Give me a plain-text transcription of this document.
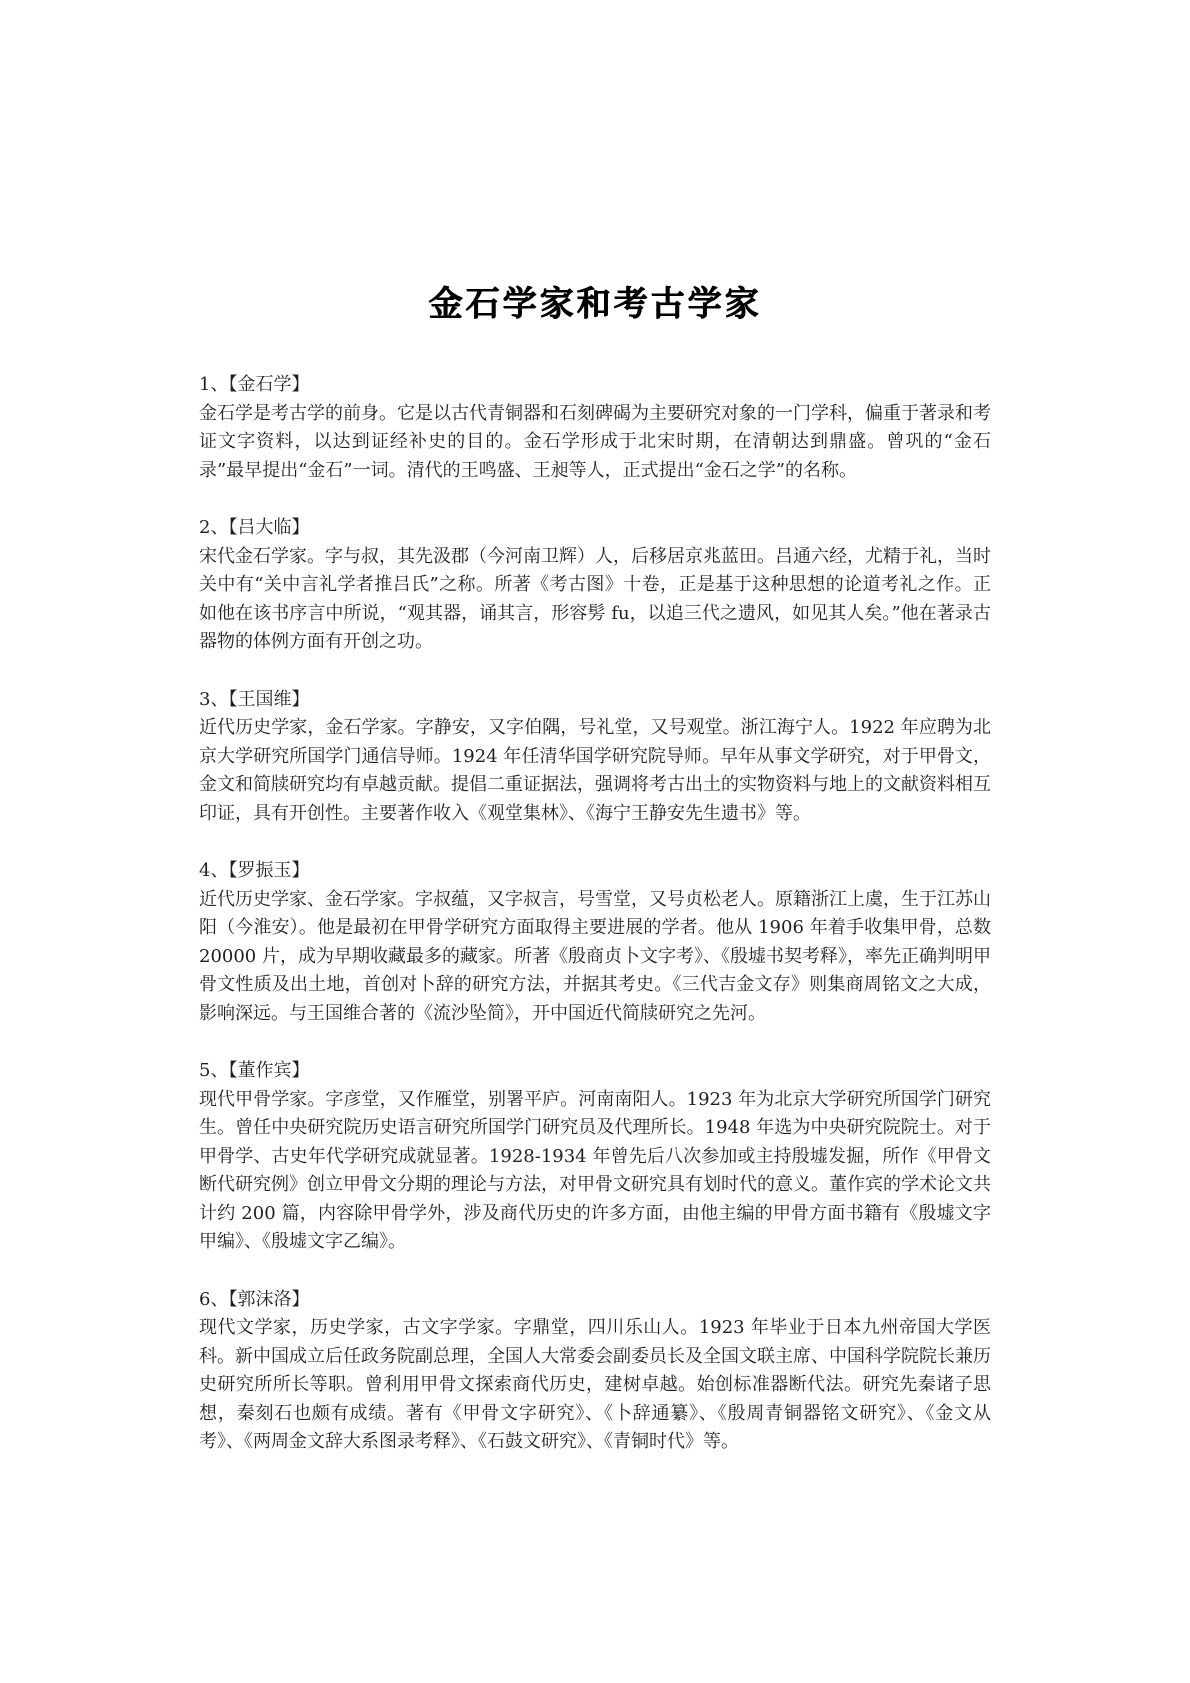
金石学家和考古学家

1、【金石学】

金石学是考古学的前身。它是以古代青铜器和石刻碑碣为主要研究对象的一门学科，偏重于著录和考证文字资料，以达到证经补史的目的。金石学形成于北宋时期，在清朝达到鼎盛。曾巩的“金石录”最早提出“金石”一词。清代的王鸣盛、王昶等人，正式提出“金石之学”的名称。

2、【吕大临】

宋代金石学家。字与叔，其先汲郡（今河南卫辉）人，后移居京兆蓝田。吕通六经，尤精于礼，当时关中有“关中言礼学者推吕氏”之称。所著《考古图》十卷，正是基于这种思想的论道考礼之作。正如他在该书序言中所说，“观其器，诵其言，形容髣 fu，以追三代之遗风，如见其人矣。”他在著录古器物的体例方面有开创之功。

3、【王国维】

近代历史学家，金石学家。字静安，又字伯隅，号礼堂，又号观堂。浙江海宁人。1922 年应聘为北京大学研究所国学门通信导师。1924 年任清华国学研究院导师。早年从事文学研究，对于甲骨文，金文和简牍研究均有卓越贡献。提倡二重证据法，强调将考古出土的实物资料与地上的文献资料相互印证，具有开创性。主要著作收入《观堂集林》、《海宁王静安先生遗书》等。

4、【罗振玉】

近代历史学家、金石学家。字叔蕴，又字叔言，号雪堂，又号贞松老人。原籍浙江上虞，生于江苏山阳（今淮安）。他是最初在甲骨学研究方面取得主要进展的学者。他从 1906 年着手收集甲骨，总数 20000 片，成为早期收藏最多的藏家。所著《殷商贞卜文字考》、《殷墟书契考释》，率先正确判明甲骨文性质及出土地，首创对卜辞的研究方法，并据其考史。《三代吉金文存》则集商周铭文之大成，影响深远。与王国维合著的《流沙坠简》，开中国近代简牍研究之先河。

5、【董作宾】

现代甲骨学家。字彦堂，又作雁堂，别署平庐。河南南阳人。1923 年为北京大学研究所国学门研究生。曾任中央研究院历史语言研究所国学门研究员及代理所长。1948 年选为中央研究院院士。对于甲骨学、古史年代学研究成就显著。1928-1934 年曾先后八次参加或主持殷墟发掘，所作《甲骨文断代研究例》创立甲骨文分期的理论与方法，对甲骨文研究具有划时代的意义。董作宾的学术论文共计约 200 篇，内容除甲骨学外，涉及商代历史的许多方面，由他主编的甲骨方面书籍有《殷墟文字甲编》、《殷墟文字乙编》。

6、【郭沫洛】

现代文学家，历史学家，古文字学家。字鼎堂，四川乐山人。1923 年毕业于日本九州帝国大学医科。新中国成立后任政务院副总理，全国人大常委会副委员长及全国文联主席、中国科学院院长兼历史研究所所长等职。曾利用甲骨文探索商代历史，建树卓越。始创标准器断代法。研究先秦诸子思想，秦刻石也颇有成绩。著有《甲骨文字研究》、《卜辞通纂》、《殷周青铜器铭文研究》、《金文从考》、《两周金文辞大系图录考释》、《石鼓文研究》、《青铜时代》等。
